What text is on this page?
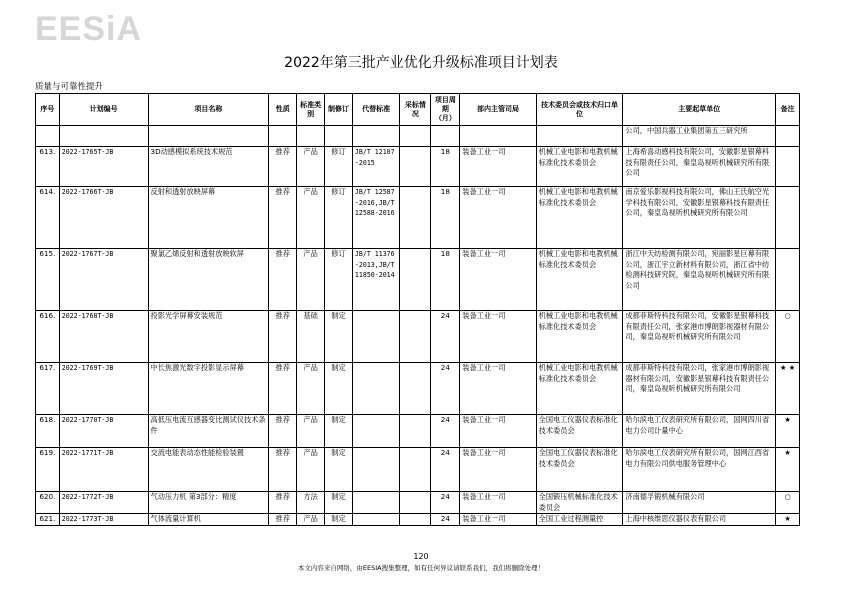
EESiA
2022年第三批产业优化升级标准项目计划表
质量与可靠性提升
序号	计划编号	项目名称	性质	标准类别	制修订	代替标准	采标情况	项目周期（月）	部内主管司局	技术委员会或技术归口单位	主要起草单位	备注
											公司，中国兵器工业集团第五三研究所	
613.	2022-1765T-JB	3D动感模拟系统技术规范	推荐	产品	修订	JB/T 12107-2015		18	装备工业一司	机械工业电影和电教机械标准化技术委员会	上海希喜动感科技有限公司，安徽影星银幕科技有限责任公司，秦皇岛视听机械研究所有限公司	
614.	2022-1766T-JB	反射和透射放映屏幕	推荐	产品	修订	JB/T 12587-2016,JB/T 12588-2016		18	装备工业一司	机械工业电影和电教机械标准化技术委员会	南京爱乐影视科技有限公司，佛山王氏航空光学科技有限公司，安徽影星银幕科技有限责任公司，秦皇岛视听机械研究所有限公司	
615.	2022-1767T-JB	聚氯乙烯反射和透射放映软屏	推荐	产品	修订	JB/T 11376-2013,JB/T 11850-2014		18	装备工业一司	机械工业电影和电教机械标准化技术委员会	浙江中天纺检测有限公司，宛丽影星巨幕有限公司，浙江宇立新材料有限公司，浙江省中纺检测科技研究院，秦皇岛视听机械研究所有限公司	
616.	2022-1768T-JB	投影光学屏幕安装规范	推荐	基础	制定			24	装备工业一司	机械工业电影和电教机械标准化技术委员会	成都菲斯特科技有限公司，安徽影星银幕科技有限责任公司，张家港市博朗影视器材有限公司，秦皇岛视听机械研究所有限公司	○
617.	2022-1769T-JB	中长焦激光数字投影显示屏幕	推荐	产品	制定			24	装备工业一司	机械工业电影和电教机械标准化技术委员会	成都菲斯特科技有限公司，张家港市博朗影视器材有限公司，安徽影星银幕科技有限责任公司，秦皇岛视听机械研究所有限公司	★ ★
618.	2022-1770T-JB	高低压电流互感器变比测试仪技术条件	推荐	产品	制定			24	装备工业一司	全国电工仪器仪表标准化技术委员会	哈尔滨电工仪表研究所有限公司，国网四川省电力公司计量中心	★
619.	2022-1771T-JB	交流电能表动态性能检验装置	推荐	产品	制定			24	装备工业一司	全国电工仪器仪表标准化技术委员会	哈尔滨电工仪表研究所有限公司，国网江西省电力有限公司供电服务管理中心	★
620.	2022-1772T-JB	气动压力机 第3部分：精度	推荐	方法	制定			24	装备工业一司	全国锻压机械标准化技术委员会	济南德孚锻机械有限公司	○
621.	2022-1773T-JB	气体流量计算机	推荐	产品	制定			24	装备工业一司	全国工业过程测量控	上海中核维思仪器仪表有限公司	★
120
本文内容来自网络，由EESIA搜集整理，如有任何异议请联系我们，我们将删除处理！
